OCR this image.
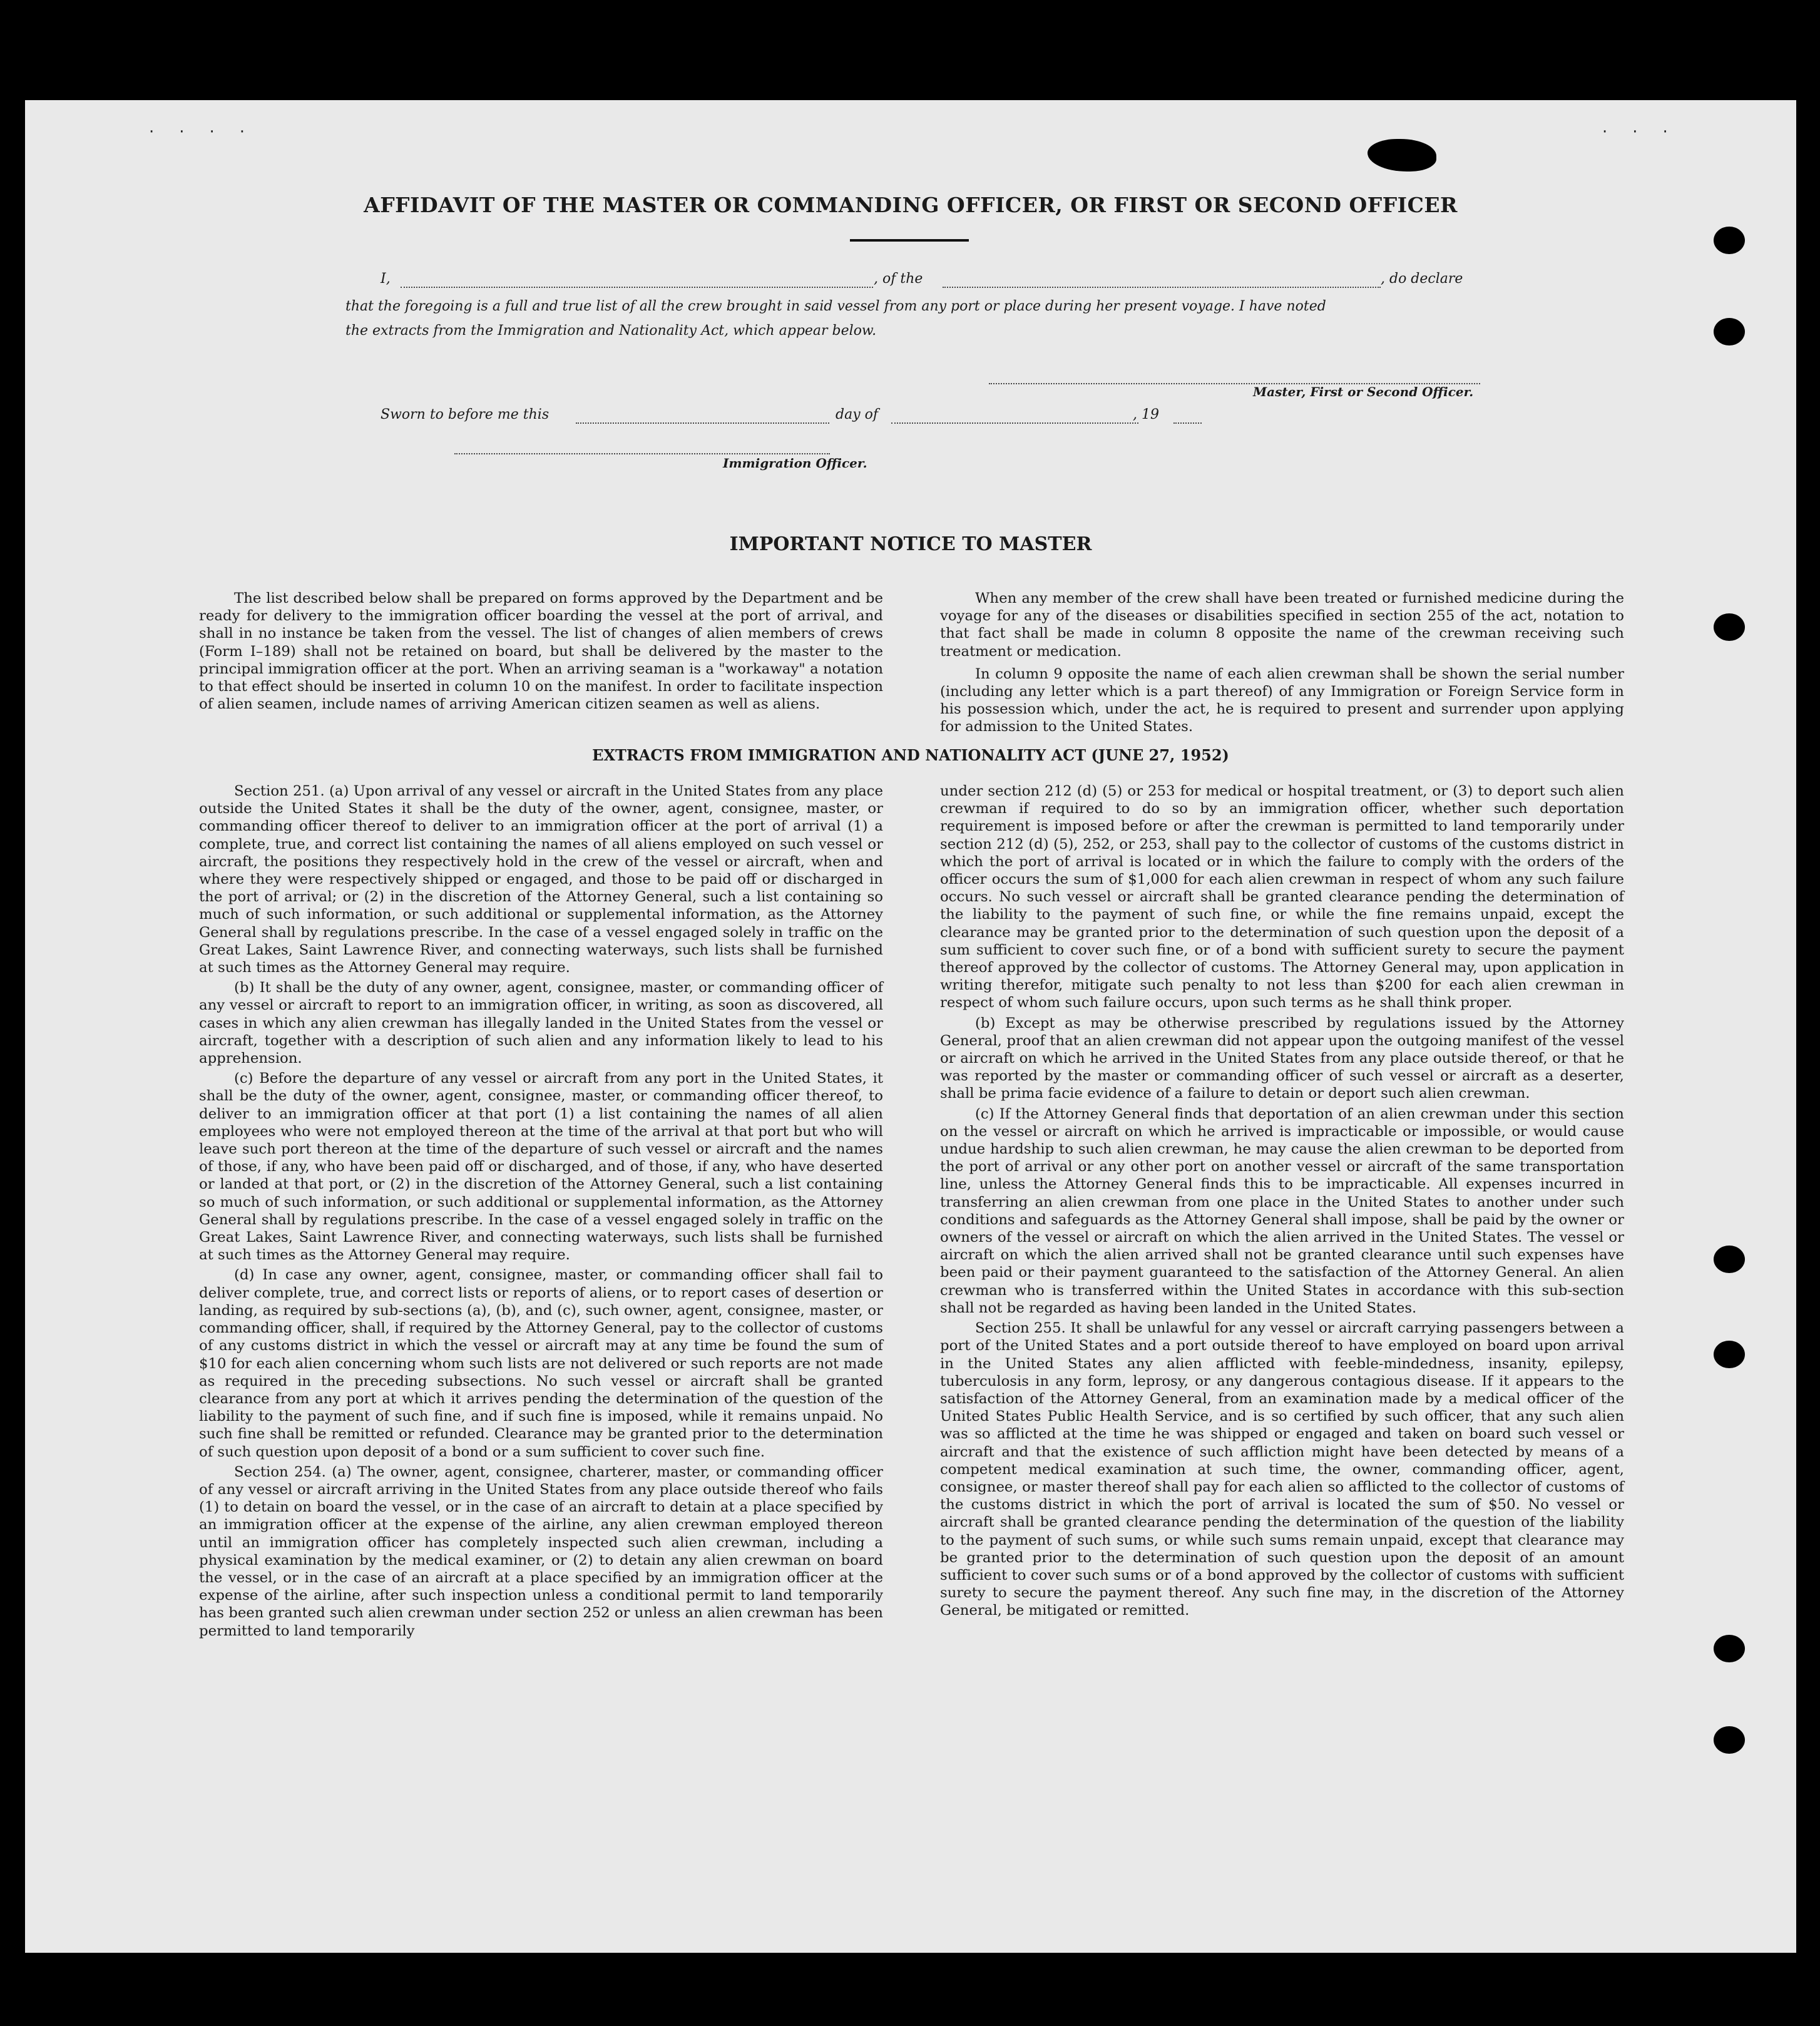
····	···
AFFIDAVIT OF THE MASTER OR COMMANDING OFFICER, OR FIRST OR SECOND OFFICER
I,	, of the	, do declare
that the foregoing is a full and true list of all the crew brought in said vessel from any port or place during her present voyage. I have noted
the extracts from the Immigration and Nationality Act, which appear below.
Master, First or Second Officer.
Sworn to before me this	day of	, 19
Immigration Officer.
IMPORTANT NOTICE TO MASTER

The list described below shall be prepared on forms approved by the Department and be ready for delivery to the immigration officer boarding the vessel at the port of arrival, and shall in no instance be taken from the vessel. The list of changes of alien members of crews (Form I–189) shall not be retained on board, but shall be delivered by the master to the principal immigration officer at the port. When an arriving seaman is a "workaway" a notation to that effect should be inserted in column 10 on the manifest. In order to facilitate inspection of alien seamen, include names of arriving American citizen seamen as well as aliens.

When any member of the crew shall have been treated or furnished medicine during the voyage for any of the diseases or disabilities specified in section 255 of the act, notation to that fact shall be made in column 8 opposite the name of the crewman receiving such treatment or medication.

In column 9 opposite the name of each alien crewman shall be shown the serial number (including any letter which is a part thereof) of any Immigration or Foreign Service form in his possession which, under the act, he is required to present and surrender upon applying for admission to the United States.

EXTRACTS FROM IMMIGRATION AND NATIONALITY ACT (JUNE 27, 1952)

Section 251. (a) Upon arrival of any vessel or aircraft in the United States from any place outside the United States it shall be the duty of the owner, agent, consignee, master, or commanding officer thereof to deliver to an immigration officer at the port of arrival (1) a complete, true, and correct list containing the names of all aliens employed on such vessel or aircraft, the positions they respectively hold in the crew of the vessel or aircraft, when and where they were respectively shipped or engaged, and those to be paid off or discharged in the port of arrival; or (2) in the discretion of the Attorney General, such a list containing so much of such information, or such additional or supplemental information, as the Attorney General shall by regulations prescribe. In the case of a vessel engaged solely in traffic on the Great Lakes, Saint Lawrence River, and connecting waterways, such lists shall be furnished at such times as the Attorney General may require.

(b) It shall be the duty of any owner, agent, consignee, master, or commanding officer of any vessel or aircraft to report to an immigration officer, in writing, as soon as discovered, all cases in which any alien crewman has illegally landed in the United States from the vessel or aircraft, together with a description of such alien and any information likely to lead to his apprehension.

(c) Before the departure of any vessel or aircraft from any port in the United States, it shall be the duty of the owner, agent, consignee, master, or commanding officer thereof, to deliver to an immigration officer at that port (1) a list containing the names of all alien employees who were not employed thereon at the time of the arrival at that port but who will leave such port thereon at the time of the departure of such vessel or aircraft and the names of those, if any, who have been paid off or discharged, and of those, if any, who have deserted or landed at that port, or (2) in the discretion of the Attorney General, such a list containing so much of such information, or such additional or supplemental information, as the Attorney General shall by regulations prescribe. In the case of a vessel engaged solely in traffic on the Great Lakes, Saint Lawrence River, and connecting waterways, such lists shall be furnished at such times as the Attorney General may require.

(d) In case any owner, agent, consignee, master, or commanding officer shall fail to deliver complete, true, and correct lists or reports of aliens, or to report cases of desertion or landing, as required by sub-sections (a), (b), and (c), such owner, agent, consignee, master, or commanding officer, shall, if required by the Attorney General, pay to the collector of customs of any customs district in which the vessel or aircraft may at any time be found the sum of $10 for each alien concerning whom such lists are not delivered or such reports are not made as required in the preceding subsections. No such vessel or aircraft shall be granted clearance from any port at which it arrives pending the determination of the question of the liability to the payment of such fine, and if such fine is imposed, while it remains unpaid. No such fine shall be remitted or refunded. Clearance may be granted prior to the determination of such question upon deposit of a bond or a sum sufficient to cover such fine.

Section 254. (a) The owner, agent, consignee, charterer, master, or commanding officer of any vessel or aircraft arriving in the United States from any place outside thereof who fails (1) to detain on board the vessel, or in the case of an aircraft to detain at a place specified by an immigration officer at the expense of the airline, any alien crewman employed thereon until an immigration officer has completely inspected such alien crewman, including a physical examination by the medical examiner, or (2) to detain any alien crewman on board the vessel, or in the case of an aircraft at a place specified by an immigration officer at the expense of the airline, after such inspection unless a conditional permit to land temporarily has been granted such alien crewman under section 252 or unless an alien crewman has been permitted to land temporarily

under section 212 (d) (5) or 253 for medical or hospital treatment, or (3) to deport such alien crewman if required to do so by an immigration officer, whether such deportation requirement is imposed before or after the crewman is permitted to land temporarily under section 212 (d) (5), 252, or 253, shall pay to the collector of customs of the customs district in which the port of arrival is located or in which the failure to comply with the orders of the officer occurs the sum of $1,000 for each alien crewman in respect of whom any such failure occurs. No such vessel or aircraft shall be granted clearance pending the determination of the liability to the payment of such fine, or while the fine remains unpaid, except the clearance may be granted prior to the determination of such question upon the deposit of a sum sufficient to cover such fine, or of a bond with sufficient surety to secure the payment thereof approved by the collector of customs. The Attorney General may, upon application in writing therefor, mitigate such penalty to not less than $200 for each alien crewman in respect of whom such failure occurs, upon such terms as he shall think proper.

(b) Except as may be otherwise prescribed by regulations issued by the Attorney General, proof that an alien crewman did not appear upon the outgoing manifest of the vessel or aircraft on which he arrived in the United States from any place outside thereof, or that he was reported by the master or commanding officer of such vessel or aircraft as a deserter, shall be prima facie evidence of a failure to detain or deport such alien crewman.

(c) If the Attorney General finds that deportation of an alien crewman under this section on the vessel or aircraft on which he arrived is impracticable or impossible, or would cause undue hardship to such alien crewman, he may cause the alien crewman to be deported from the port of arrival or any other port on another vessel or aircraft of the same transportation line, unless the Attorney General finds this to be impracticable. All expenses incurred in transferring an alien crewman from one place in the United States to another under such conditions and safeguards as the Attorney General shall impose, shall be paid by the owner or owners of the vessel or aircraft on which the alien arrived in the United States. The vessel or aircraft on which the alien arrived shall not be granted clearance until such expenses have been paid or their payment guaranteed to the satisfaction of the Attorney General. An alien crewman who is transferred within the United States in accordance with this sub-section shall not be regarded as having been landed in the United States.

Section 255. It shall be unlawful for any vessel or aircraft carrying passengers between a port of the United States and a port outside thereof to have employed on board upon arrival in the United States any alien afflicted with feeble-mindedness, insanity, epilepsy, tuberculosis in any form, leprosy, or any dangerous contagious disease. If it appears to the satisfaction of the Attorney General, from an examination made by a medical officer of the United States Public Health Service, and is so certified by such officer, that any such alien was so afflicted at the time he was shipped or engaged and taken on board such vessel or aircraft and that the existence of such affliction might have been detected by means of a competent medical examination at such time, the owner, commanding officer, agent, consignee, or master thereof shall pay for each alien so afflicted to the collector of customs of the customs district in which the port of arrival is located the sum of $50. No vessel or aircraft shall be granted clearance pending the determination of the question of the liability to the payment of such sums, or while such sums remain unpaid, except that clearance may be granted prior to the determination of such question upon the deposit of an amount sufficient to cover such sums or of a bond approved by the collector of customs with sufficient surety to secure the payment thereof. Any such fine may, in the discretion of the Attorney General, be mitigated or remitted.
